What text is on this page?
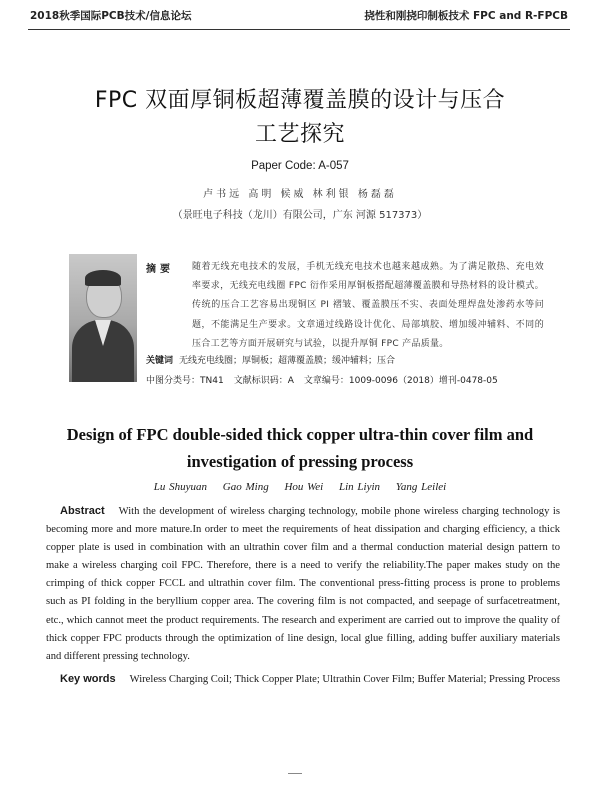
2018秋季国际PCB技术/信息论坛	挠性和刚挠印制板技术 FPC and R-FPCB
FPC 双面厚铜板超薄覆盖膜的设计与压合
工艺探究
Paper Code: A-057
卢书远 高明 候威 林利银 杨磊磊
（景旺电子科技（龙川）有限公司，广东 河源 517373）
摘要 随着无线充电技术的发展，手机无线充电技术也越来越成熟。为了满足散热、充电效率要求，无线充电线圈 FPC 衍作采用厚铜板搭配超薄覆盖膜和导热材料的设计模式。传统的压合工艺容易出现铜区 PI 褶皱、覆盖膜压不实、表面处理焊盘处渗药水等问题，不能满足生产要求。文章通过线路设计优化、局部填胶、增加缓冲辅料、不同的压合工艺等方面开展研究与试验，以提升厚铜 FPC 产品质量。
关键词 无线充电线圈；厚铜板；超薄覆盖膜；缓冲辅料；压合
中图分类号：TN41 文献标识码：A 文章编号：1009-0096（2018）增刊-0478-05
Design of FPC double-sided thick copper ultra-thin cover film and
investigation of pressing process
Lu Shuyuan Gao Ming Hou Wei Lin Liyin Yang Leilei
Abstract With the development of wireless charging technology, mobile phone wireless charging technology is becoming more and more mature.In order to meet the requirements of heat dissipation and charging efficiency, a thick copper plate is used in combination with an ultrathin cover film and a thermal conduction material design pattern to make a wireless charging coil FPC. Therefore, there is a need to verify the reliability.The paper makes study on the crimping of thick copper FCCL and ultrathin cover film. The conventional press-fitting process is prone to problems such as PI folding in the beryllium copper area. The covering film is not compacted, and seepage of surfacetreatment, etc., which cannot meet the product requirements. The research and experiment are carried out to improve the quality of thick copper FPC products through the optimization of line design, local glue filling, adding buffer auxiliary materials and different pressing technology.
Key words Wireless Charging Coil; Thick Copper Plate; Ultrathin Cover Film; Buffer Material; Pressing Process
